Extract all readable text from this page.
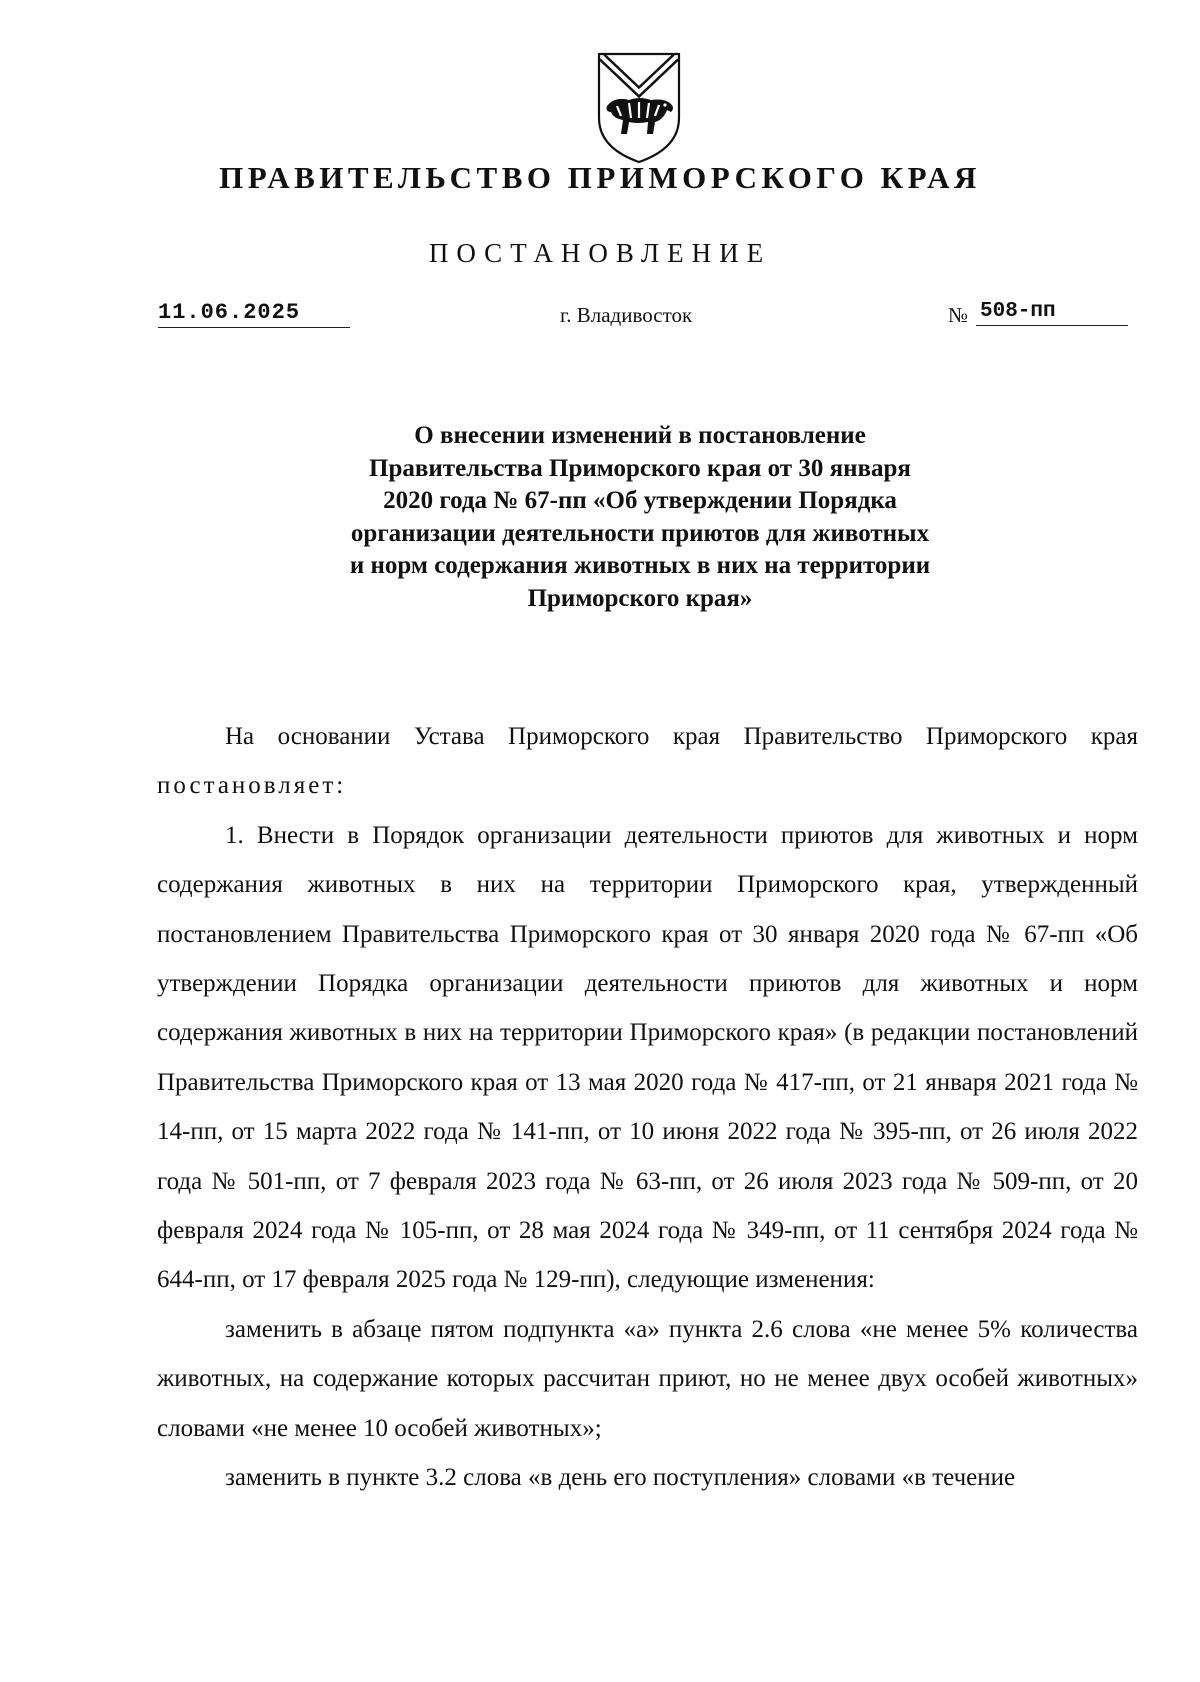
ПРАВИТЕЛЬСТВО ПРИМОРСКОГО КРАЯ
ПОСТАНОВЛЕНИЕ
11.06.2025	г. Владивосток	№ 508-пп
О внесении изменений в постановление
Правительства Приморского края от 30 января
2020 года № 67-пп «Об утверждении Порядка
организации деятельности приютов для животных
и норм содержания животных в них на территории
Приморского края»

На основании Устава Приморского края Правительство Приморского края постановляет:

1. Внести в Порядок организации деятельности приютов для животных и норм содержания животных в них на территории Приморского края, утвержденный постановлением Правительства Приморского края от 30 января 2020 года № 67-пп «Об утверждении Порядка организации деятельности приютов для животных и норм содержания животных в них на территории Приморского края» (в редакции постановлений Правительства Приморского края от 13 мая 2020 года № 417-пп, от 21 января 2021 года № 14-пп, от 15 марта 2022 года № 141-пп, от 10 июня 2022 года № 395-пп, от 26 июля 2022 года № 501-пп, от 7 февраля 2023 года № 63-пп, от 26 июля 2023 года № 509-пп, от 20 февраля 2024 года № 105-пп, от 28 мая 2024 года № 349-пп, от 11 сентября 2024 года № 644-пп, от 17 февраля 2025 года № 129-пп), следующие изменения:

заменить в абзаце пятом подпункта «а» пункта 2.6 слова «не менее 5% количества животных, на содержание которых рассчитан приют, но не менее двух особей животных» словами «не менее 10 особей животных»;

заменить в пункте 3.2 слова «в день его поступления» словами «в течение
